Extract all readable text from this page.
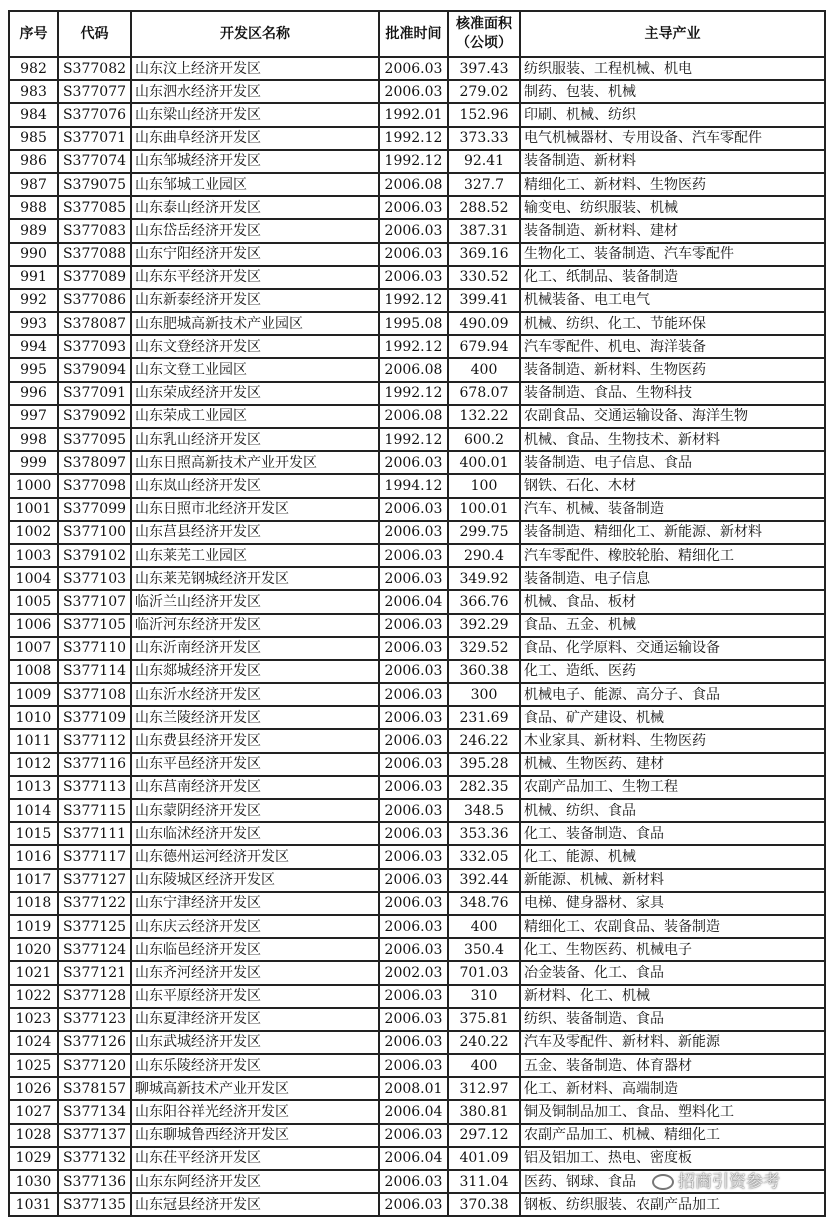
序号	代码	开发区名称	批准时间	核准面积（公顷）	主导产业
982	S377082	山东汶上经济开发区	2006.03	397.43	纺织服装、工程机械、机电
983	S377077	山东泗水经济开发区	2006.03	279.02	制药、包装、机械
984	S377076	山东梁山经济开发区	1992.01	152.96	印刷、机械、纺织
985	S377071	山东曲阜经济开发区	1992.12	373.33	电气机械器材、专用设备、汽车零配件
986	S377074	山东邹城经济开发区	1992.12	92.41	装备制造、新材料
987	S379075	山东邹城工业园区	2006.08	327.7	精细化工、新材料、生物医药
988	S377085	山东泰山经济开发区	2006.03	288.52	输变电、纺织服装、机械
989	S377083	山东岱岳经济开发区	2006.03	387.31	装备制造、新材料、建材
990	S377088	山东宁阳经济开发区	2006.03	369.16	生物化工、装备制造、汽车零配件
991	S377089	山东东平经济开发区	2006.03	330.52	化工、纸制品、装备制造
992	S377086	山东新泰经济开发区	1992.12	399.41	机械装备、电工电气
993	S378087	山东肥城高新技术产业园区	1995.08	490.09	机械、纺织、化工、节能环保
994	S377093	山东文登经济开发区	1992.12	679.94	汽车零配件、机电、海洋装备
995	S379094	山东文登工业园区	2006.08	400	装备制造、新材料、生物医药
996	S377091	山东荣成经济开发区	1992.12	678.07	装备制造、食品、生物科技
997	S379092	山东荣成工业园区	2006.08	132.22	农副食品、交通运输设备、海洋生物
998	S377095	山东乳山经济开发区	1992.12	600.2	机械、食品、生物技术、新材料
999	S378097	山东日照高新技术产业开发区	2006.03	400.01	装备制造、电子信息、食品
1000	S377098	山东岚山经济开发区	1994.12	100	钢铁、石化、木材
1001	S377099	山东日照市北经济开发区	2006.03	100.01	汽车、机械、装备制造
1002	S377100	山东莒县经济开发区	2006.03	299.75	装备制造、精细化工、新能源、新材料
1003	S379102	山东莱芜工业园区	2006.03	290.4	汽车零配件、橡胶轮胎、精细化工
1004	S377103	山东莱芜钢城经济开发区	2006.03	349.92	装备制造、电子信息
1005	S377107	临沂兰山经济开发区	2006.04	366.76	机械、食品、板材
1006	S377105	临沂河东经济开发区	2006.03	392.29	食品、五金、机械
1007	S377110	山东沂南经济开发区	2006.03	329.52	食品、化学原料、交通运输设备
1008	S377114	山东郯城经济开发区	2006.03	360.38	化工、造纸、医药
1009	S377108	山东沂水经济开发区	2006.03	300	机械电子、能源、高分子、食品
1010	S377109	山东兰陵经济开发区	2006.03	231.69	食品、矿产建设、机械
1011	S377112	山东费县经济开发区	2006.03	246.22	木业家具、新材料、生物医药
1012	S377116	山东平邑经济开发区	2006.03	395.28	机械、生物医药、建材
1013	S377113	山东莒南经济开发区	2006.03	282.35	农副产品加工、生物工程
1014	S377115	山东蒙阴经济开发区	2006.03	348.5	机械、纺织、食品
1015	S377111	山东临沭经济开发区	2006.03	353.36	化工、装备制造、食品
1016	S377117	山东德州运河经济开发区	2006.03	332.05	化工、能源、机械
1017	S377127	山东陵城区经济开发区	2006.03	392.44	新能源、机械、新材料
1018	S377122	山东宁津经济开发区	2006.03	348.76	电梯、健身器材、家具
1019	S377125	山东庆云经济开发区	2006.03	400	精细化工、农副食品、装备制造
1020	S377124	山东临邑经济开发区	2006.03	350.4	化工、生物医药、机械电子
1021	S377121	山东齐河经济开发区	2002.03	701.03	冶金装备、化工、食品
1022	S377128	山东平原经济开发区	2006.03	310	新材料、化工、机械
1023	S377123	山东夏津经济开发区	2006.03	375.81	纺织、装备制造、食品
1024	S377126	山东武城经济开发区	2006.03	240.22	汽车及零配件、新材料、新能源
1025	S377120	山东乐陵经济开发区	2006.03	400	五金、装备制造、体育器材
1026	S378157	聊城高新技术产业开发区	2008.01	312.97	化工、新材料、高端制造
1027	S377134	山东阳谷祥光经济开发区	2006.04	380.81	铜及铜制品加工、食品、塑料化工
1028	S377137	山东聊城鲁西经济开发区	2006.03	297.12	农副产品加工、机械、精细化工
1029	S377132	山东茌平经济开发区	2006.04	401.09	铝及铝加工、热电、密度板
1030	S377136	山东东阿经济开发区	2006.03	311.04	医药、钢球、食品
1031	S377135	山东冠县经济开发区	2006.03	370.38	钢板、纺织服装、农副产品加工
招商引资参考
